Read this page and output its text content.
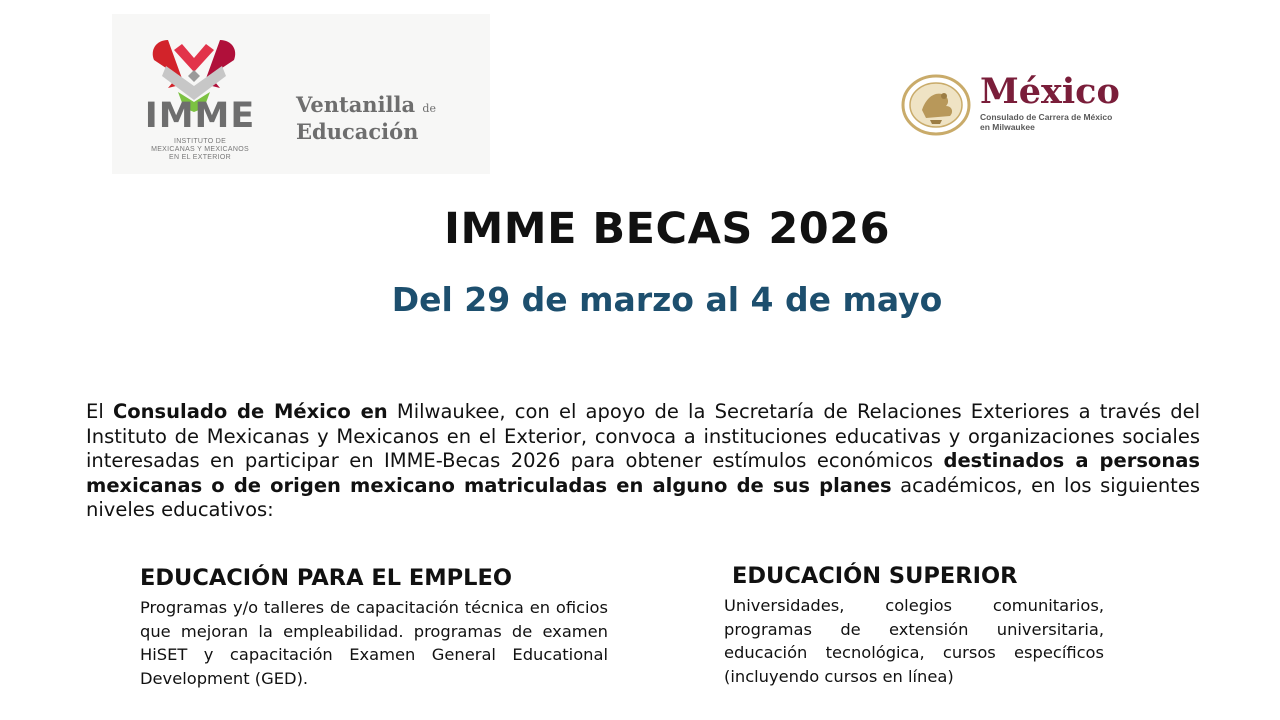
IMME
INSTITUTO DE
MEXICANAS Y MEXICANOS
EN EL EXTERIOR
Ventanilla de
Educación
México
Consulado de Carrera de México
en Milwaukee
IMME BECAS 2026
Del 29 de marzo al 4 de mayo
El Consulado de México en Milwaukee, con el apoyo de la Secretaría de Relaciones Exteriores a través del Instituto de Mexicanas y Mexicanos en el Exterior, convoca a instituciones educativas y organizaciones sociales interesadas en participar en IMME-Becas 2026 para obtener estímulos económicos destinados a personas mexicanas o de origen mexicano matriculadas en alguno de sus planes académicos, en los siguientes niveles educativos:
EDUCACIÓN PARA EL EMPLEO
Programas y/o talleres de capacitación técnica en oficios que mejoran la empleabilidad. programas de examen HiSET y capacitación Examen General Educational Development (GED).
EDUCACIÓN SUPERIOR
Universidades, colegios comunitarios, programas de extensión universitaria, educación tecnológica, cursos específicos (incluyendo cursos en línea)
